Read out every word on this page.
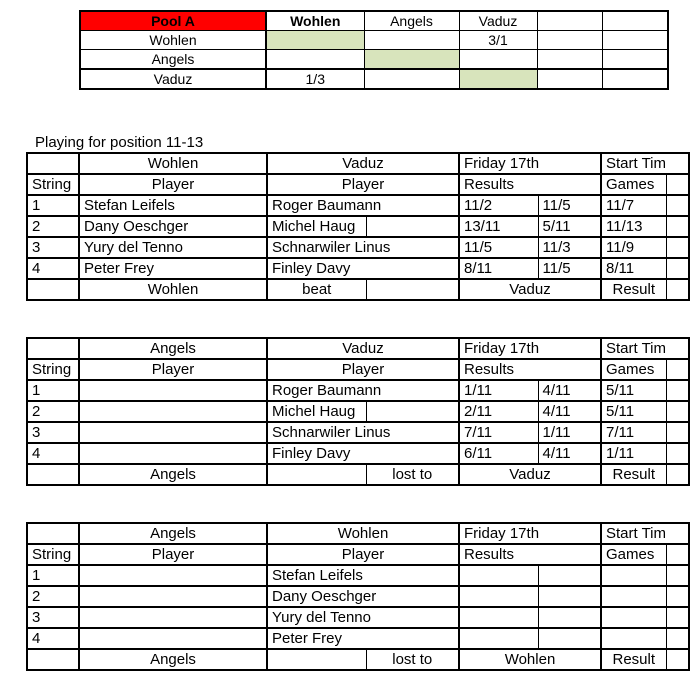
Pool A	Wohlen	Angels	Vaduz		
Wohlen			3/1		
Angels					
Vaduz	1/3				
Playing for position 11-13
	Wohlen	Vaduz		Friday 17th		Start Tim	
String	Player	Player		Results		Games	
1	Stefan Leifels	Roger Baumann		11/2	11/5	11/7	
2	Dany Oeschger	Michel Haug		13/11	5/11	11/13	
3	Yury del Tenno	Schnarwiler Linus		11/5	11/3	11/9	
4	Peter Frey	Finley Davy		8/11	11/5	8/11	
	Wohlen	beat		Vaduz		Result	
	Angels	Vaduz		Friday 17th		Start Tim	
String	Player	Player		Results		Games	
1		Roger Baumann		1/11	4/11	5/11	
2		Michel Haug		2/11	4/11	5/11	
3		Schnarwiler Linus		7/11	1/11	7/11	
4		Finley Davy		6/11	4/11	1/11	
	Angels		lost to	Vaduz		Result	
	Angels	Wohlen		Friday 17th		Start Tim	
String	Player	Player		Results		Games	
1		Stefan Leifels					
2		Dany Oeschger					
3		Yury del Tenno					
4		Peter Frey					
	Angels		lost to	Wohlen		Result	
